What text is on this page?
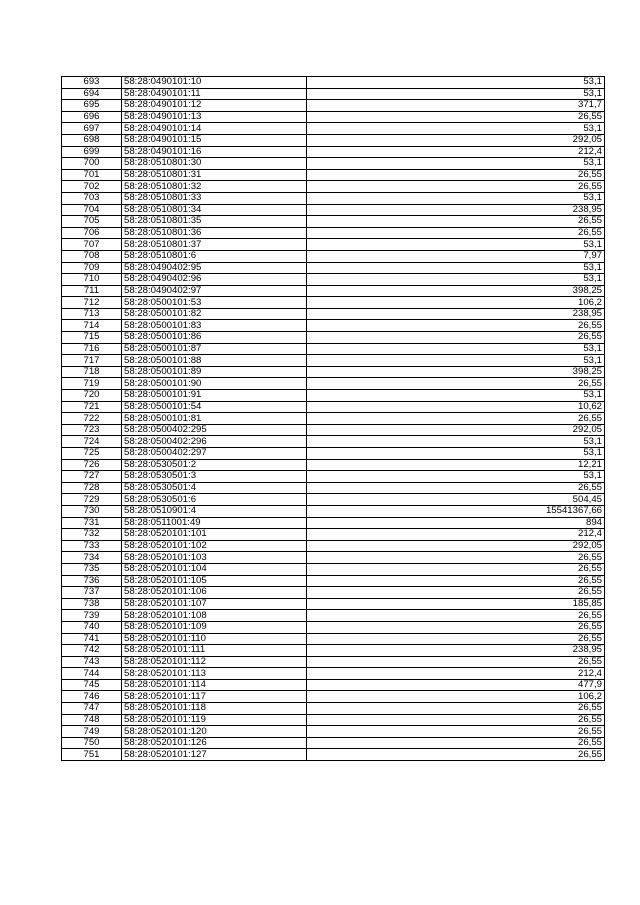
693	58:28:0490101:10	53,1
694	58:28:0490101:11	53,1
695	58:28:0490101:12	371,7
696	58:28:0490101:13	26,55
697	58:28:0490101:14	53,1
698	58:28:0490101:15	292,05
699	58:28:0490101:16	212,4
700	58:28:0510801:30	53,1
701	58:28:0510801:31	26,55
702	58:28:0510801:32	26,55
703	58:28:0510801:33	53,1
704	58:28:0510801:34	238,95
705	58:28:0510801:35	26,55
706	58:28:0510801:36	26,55
707	58:28:0510801:37	53,1
708	58:28:0510801:6	7,97
709	58:28:0490402:95	53,1
710	58:28:0490402:96	53,1
711	58:28:0490402:97	398,25
712	58:28:0500101:53	106,2
713	58:28:0500101:82	238,95
714	58:28:0500101:83	26,55
715	58:28:0500101:86	26,55
716	58:28:0500101:87	53,1
717	58:28:0500101:88	53,1
718	58:28:0500101:89	398,25
719	58:28:0500101:90	26,55
720	58:28:0500101:91	53,1
721	58:28:0500101:54	10,62
722	58:28:0500101:81	26,55
723	58:28:0500402:295	292,05
724	58:28:0500402:296	53,1
725	58:28:0500402:297	53,1
726	58:28:0530501:2	12,21
727	58:28:0530501:3	53,1
728	58:28:0530501:4	26,55
729	58:28:0530501:6	504,45
730	58:28:0510901:4	15541367,66
731	58:28:0511001:49	894
732	58:28:0520101:101	212,4
733	58:28:0520101:102	292,05
734	58:28:0520101:103	26,55
735	58:28:0520101:104	26,55
736	58:28:0520101:105	26,55
737	58:28:0520101:106	26,55
738	58:28:0520101:107	185,85
739	58:28:0520101:108	26,55
740	58:28:0520101:109	26,55
741	58:28:0520101:110	26,55
742	58:28:0520101:111	238,95
743	58:28:0520101:112	26,55
744	58:28:0520101:113	212,4
745	58:28:0520101:114	477,9
746	58:28:0520101:117	106,2
747	58:28:0520101:118	26,55
748	58:28:0520101:119	26,55
749	58:28:0520101:120	26,55
750	58:28:0520101:126	26,55
751	58:28:0520101:127	26,55
